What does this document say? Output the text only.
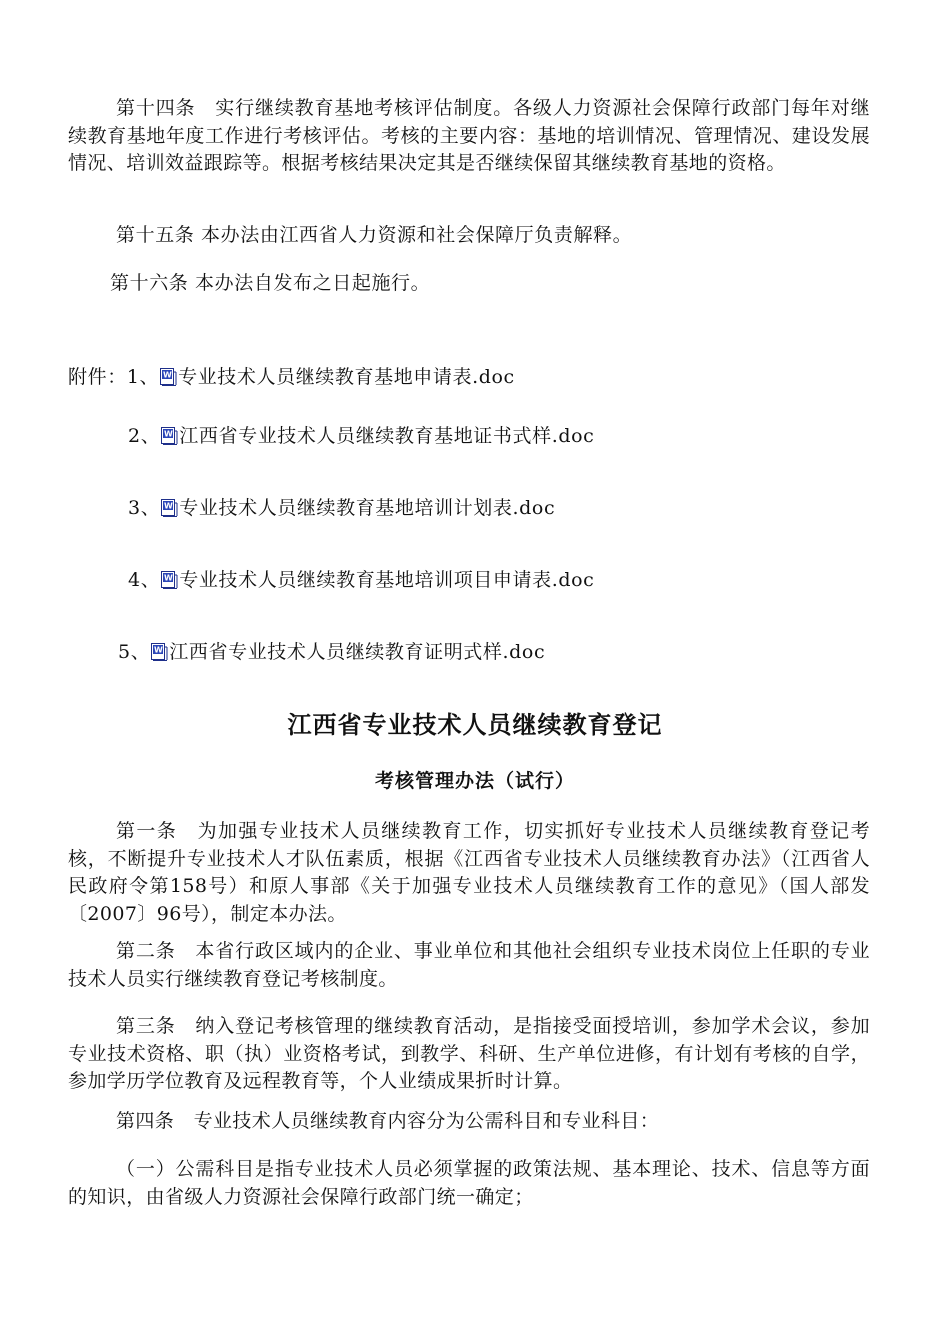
第十四条　实行继续教育基地考核评估制度。各级人力资源社会保障行政部门每年对继续教育基地年度工作进行考核评估。考核的主要内容：基地的培训情况、管理情况、建设发展情况、培训效益跟踪等。根据考核结果决定其是否继续保留其继续教育基地的资格。

第十五条 本办法由江西省人力资源和社会保障厅负责解释。
第十六条 本办法自发布之日起施行。
附件： 1、 W 专业技术人员继续教育基地申请表.doc
2、 W 江西省专业技术人员继续教育基地证书式样.doc
3、 W 专业技术人员继续教育基地培训计划表.doc
4、 W 专业技术人员继续教育基地培训项目申请表.doc
5、 W 江西省专业技术人员继续教育证明式样.doc
江西省专业技术人员继续教育登记
考核管理办法（试行）

第一条　为加强专业技术人员继续教育工作，切实抓好专业技术人员继续教育登记考核，不断提升专业技术人才队伍素质，根据《江西省专业技术人员继续教育办法》（江西省人民政府令第158号）和原人事部《关于加强专业技术人员继续教育工作的意见》（国人部发〔2007〕96号），制定本办法。

第二条　本省行政区域内的企业、事业单位和其他社会组织专业技术岗位上任职的专业技术人员实行继续教育登记考核制度。

第三条　纳入登记考核管理的继续教育活动，是指接受面授培训，参加学术会议，参加专业技术资格、职（执）业资格考试，到教学、科研、生产单位进修，有计划有考核的自学，参加学历学位教育及远程教育等，个人业绩成果折时计算。

第四条　专业技术人员继续教育内容分为公需科目和专业科目：

（一）公需科目是指专业技术人员必须掌握的政策法规、基本理论、技术、信息等方面的知识，由省级人力资源社会保障行政部门统一确定；
